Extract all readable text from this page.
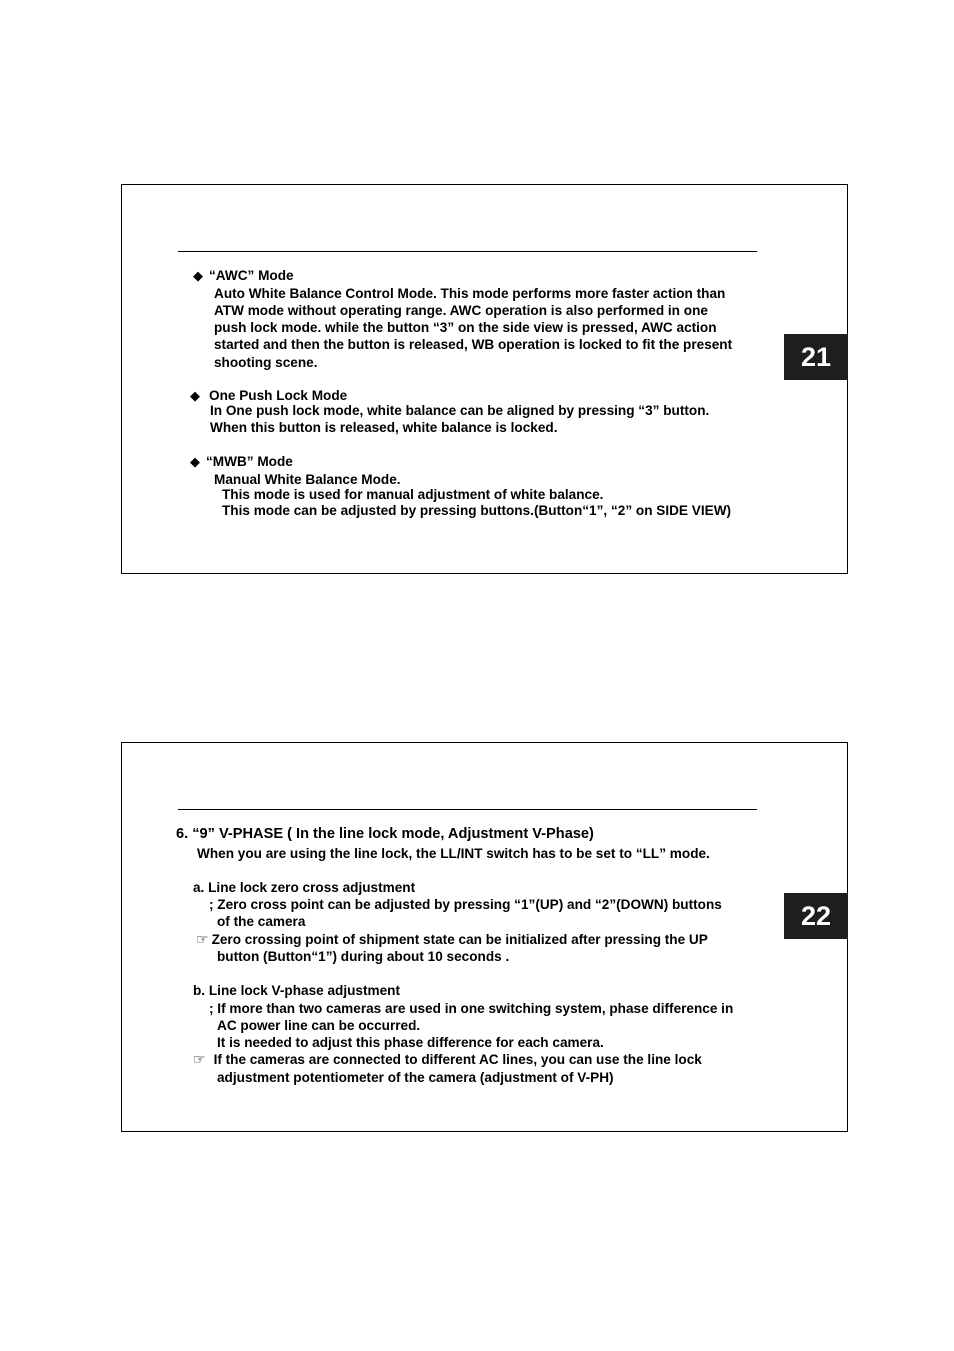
21
◆ “AWC” Mode
Auto White Balance Control Mode. This mode performs more faster action than
ATW mode without operating range. AWC operation is also performed in one
push lock mode. while the button “3” on the side view is pressed, AWC action
started and then the button is released, WB operation is locked to fit the present
shooting scene.
◆ One Push Lock Mode
In One push lock mode, white balance can be aligned by pressing “3” button.
When this button is released, white balance is locked.
◆ “MWB” Mode
Manual White Balance Mode.
This mode is used for manual adjustment of white balance.
This mode can be adjusted by pressing buttons.(Button“1”, “2” on SIDE VIEW)
22
6. “9” V-PHASE ( In the line lock mode, Adjustment V-Phase)
When you are using the line lock, the LL/INT switch has to be set to “LL” mode.
a. Line lock zero cross adjustment
; Zero cross point can be adjusted by pressing “1”(UP) and “2”(DOWN) buttons
of the camera
☞ Zero crossing point of shipment state can be initialized after pressing the UP
button (Button“1”) during about 10 seconds .
b. Line lock V-phase adjustment
; If more than two cameras are used in one switching system, phase difference in
AC power line can be occurred.
It is needed to adjust this phase difference for each camera.
☞ If the cameras are connected to different AC lines, you can use the line lock
adjustment potentiometer of the camera (adjustment of V-PH)
